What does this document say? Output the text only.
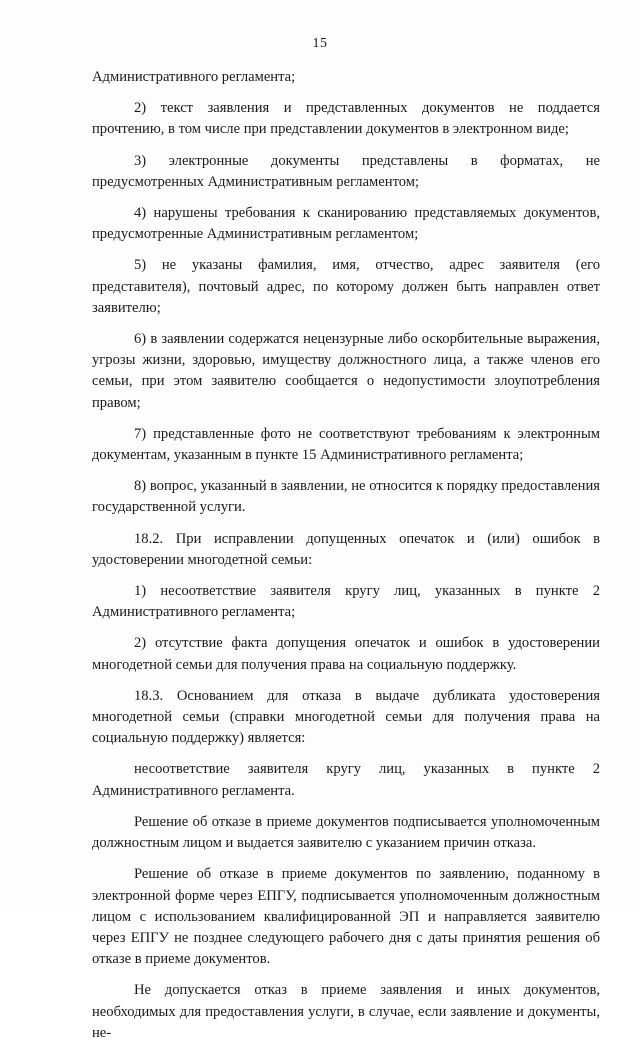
15

Административного регламента;

2) текст заявления и представленных документов не поддается прочтению, в том числе при представлении документов в электронном виде;

3) электронные документы представлены в форматах, не предусмотренных Административным регламентом;

4) нарушены требования к сканированию представляемых документов, предусмотренные Административным регламентом;

5) не указаны фамилия, имя, отчество, адрес заявителя (его представителя), почтовый адрес, по которому должен быть направлен ответ заявителю;

6) в заявлении содержатся нецензурные либо оскорбительные выражения, угрозы жизни, здоровью, имуществу должностного лица, а также членов его семьи, при этом заявителю сообщается о недопустимости злоупотребления правом;

7) представленные фото не соответствуют требованиям к электронным документам, указанным в пункте 15 Административного регламента;

8) вопрос, указанный в заявлении, не относится к порядку предоставления государственной услуги.

18.2. При исправлении допущенных опечаток и (или) ошибок в удостоверении многодетной семьи:

1) несоответствие заявителя кругу лиц, указанных в пункте 2 Административного регламента;

2) отсутствие факта допущения опечаток и ошибок в удостоверении многодетной семьи для получения права на социальную поддержку.

18.3. Основанием для отказа в выдаче дубликата удостоверения многодетной семьи (справки многодетной семьи для получения права на социальную поддержку) является:

несоответствие заявителя кругу лиц, указанных в пункте 2 Административного регламента.

Решение об отказе в приеме документов подписывается уполномоченным должностным лицом и выдается заявителю с указанием причин отказа.

Решение об отказе в приеме документов по заявлению, поданному в электронной форме через ЕПГУ, подписывается уполномоченным должностным лицом с использованием квалифицированной ЭП и направляется заявителю через ЕПГУ не позднее следующего рабочего дня с даты принятия решения об отказе в приеме документов.

Не допускается отказ в приеме заявления и иных документов, необходимых для предоставления услуги, в случае, если заявление и документы, не-
